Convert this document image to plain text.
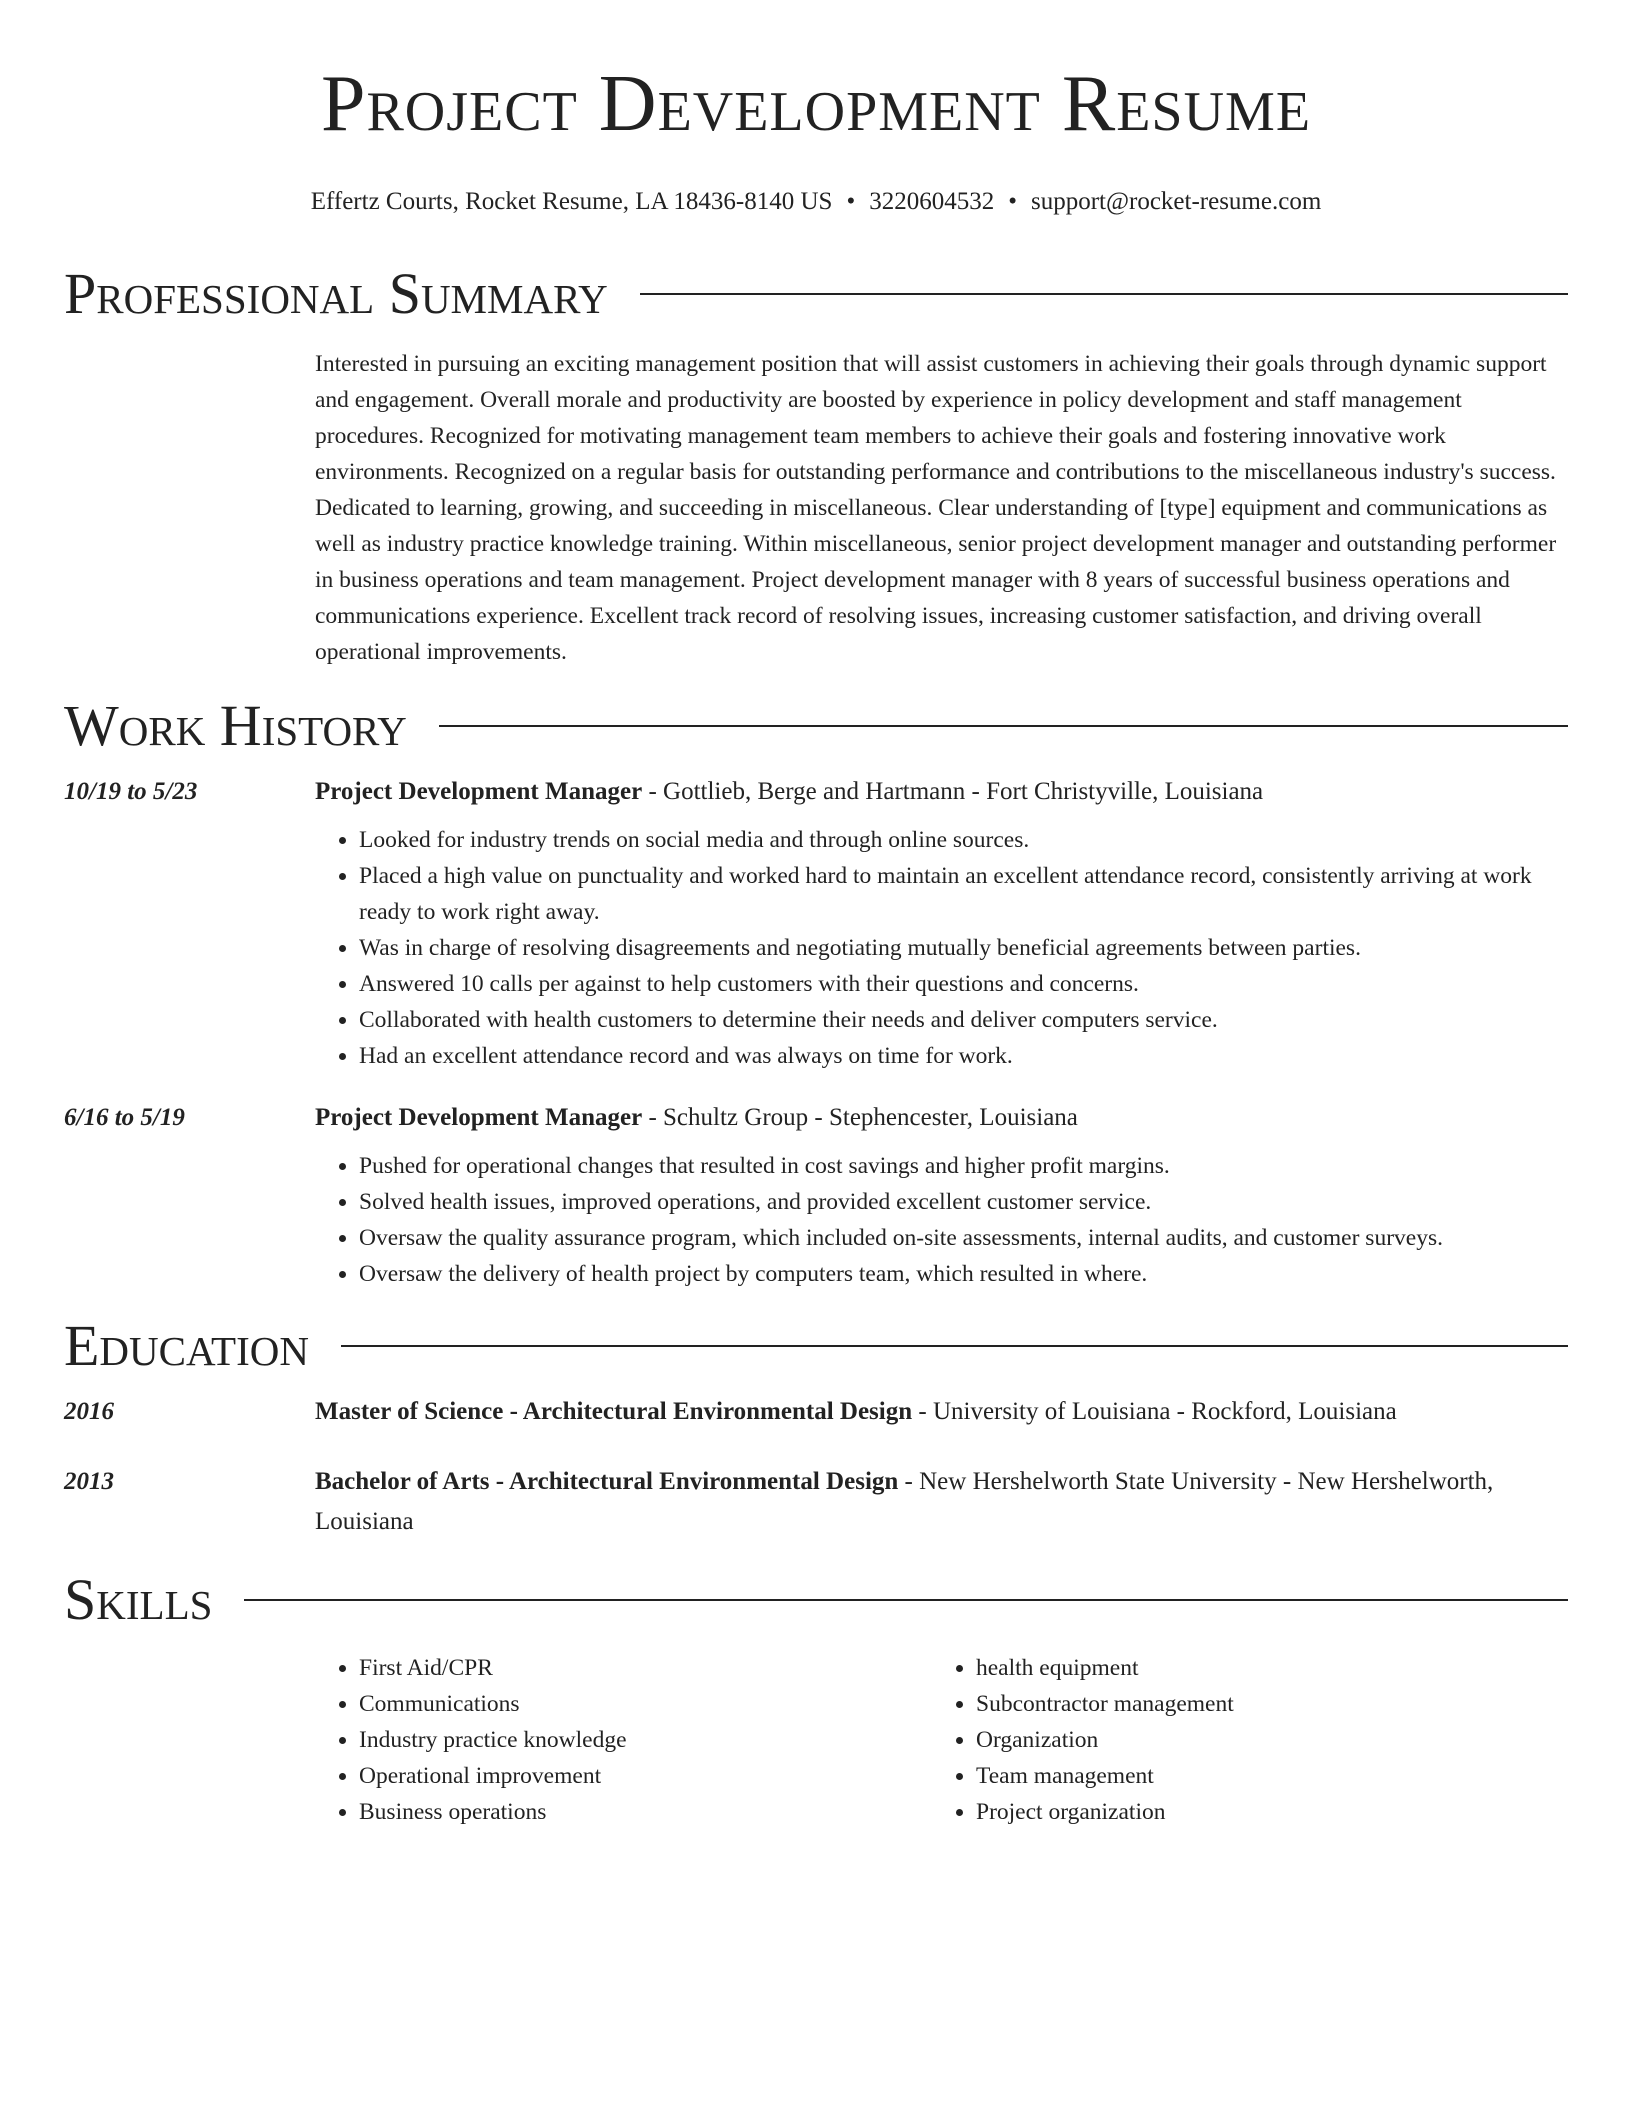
Project Development Resume
Effertz Courts, Rocket Resume, LA 18436-8140 US • 3220604532 • support@rocket-resume.com
Professional Summary
Interested in pursuing an exciting management position that will assist customers in achieving their goals through dynamic support and engagement. Overall morale and productivity are boosted by experience in policy development and staff management procedures. Recognized for motivating management team members to achieve their goals and fostering innovative work environments. Recognized on a regular basis for outstanding performance and contributions to the miscellaneous industry's success. Dedicated to learning, growing, and succeeding in miscellaneous. Clear understanding of [type] equipment and communications as well as industry practice knowledge training. Within miscellaneous, senior project development manager and outstanding performer in business operations and team management. Project development manager with 8 years of successful business operations and communications experience. Excellent track record of resolving issues, increasing customer satisfaction, and driving overall operational improvements.
Work History
10/19 to 5/23	Project Development Manager - Gottlieb, Berge and Hartmann - Fort Christyville, Louisiana
• Looked for industry trends on social media and through online sources.
• Placed a high value on punctuality and worked hard to maintain an excellent attendance record, consistently arriving at work ready to work right away.
• Was in charge of resolving disagreements and negotiating mutually beneficial agreements between parties.
• Answered 10 calls per against to help customers with their questions and concerns.
• Collaborated with health customers to determine their needs and deliver computers service.
• Had an excellent attendance record and was always on time for work.
6/16 to 5/19	Project Development Manager - Schultz Group - Stephencester, Louisiana
• Pushed for operational changes that resulted in cost savings and higher profit margins.
• Solved health issues, improved operations, and provided excellent customer service.
• Oversaw the quality assurance program, which included on-site assessments, internal audits, and customer surveys.
• Oversaw the delivery of health project by computers team, which resulted in where.
Education
2016	Master of Science - Architectural Environmental Design - University of Louisiana - Rockford, Louisiana
2013	Bachelor of Arts - Architectural Environmental Design - New Hershelworth State University - New Hershelworth, Louisiana
Skills
• First Aid/CPR
• Communications
• Industry practice knowledge
• Operational improvement
• Business operations
• health equipment
• Subcontractor management
• Organization
• Team management
• Project organization
